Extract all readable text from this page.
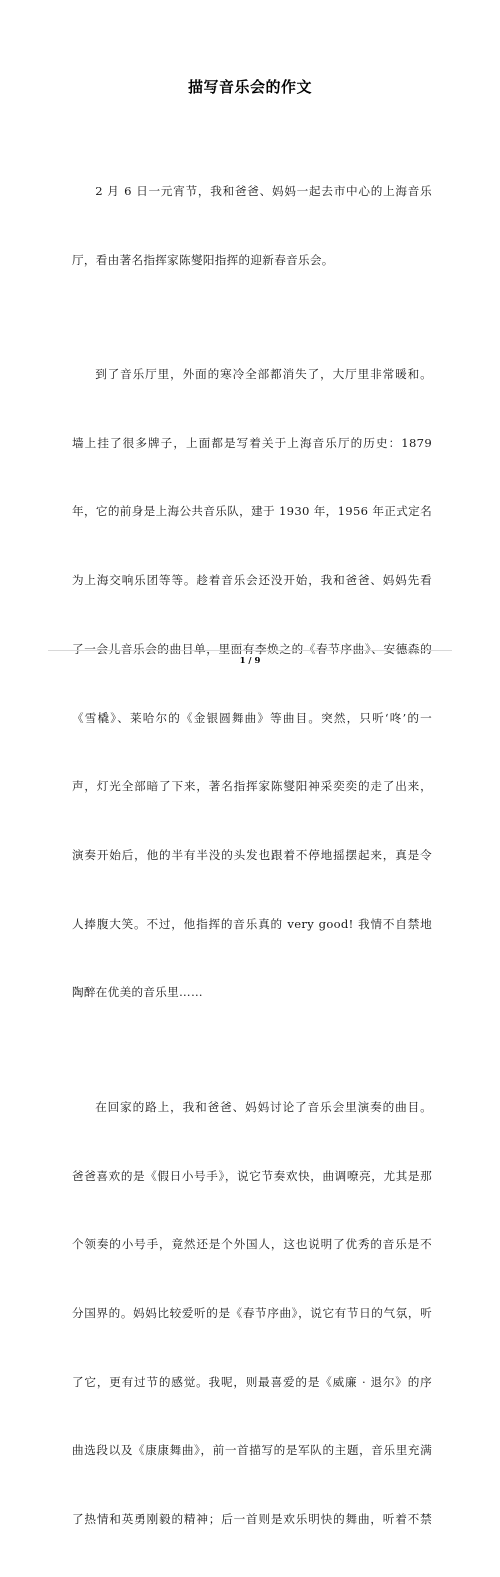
描写音乐会的作文

2 月 6 日一元宵节，我和爸爸、妈妈一起去市中心的上海音乐

厅，看由著名指挥家陈燮阳指挥的迎新春音乐会。

到了音乐厅里，外面的寒冷全部都消失了，大厅里非常暖和。

墙上挂了很多牌子，上面都是写着关于上海音乐厅的历史：1879

年，它的前身是上海公共音乐队，建于 1930 年，1956 年正式定名

为上海交响乐团等等。趁着音乐会还没开始，我和爸爸、妈妈先看

了一会儿音乐会的曲目单，里面有李焕之的《春节序曲》、安德森的

《雪橇》、莱哈尔的《金银圆舞曲》等曲目。突然，只听‘咚’的一

声，灯光全部暗了下来，著名指挥家陈燮阳神采奕奕的走了出来，

演奏开始后，他的半有半没的头发也跟着不停地摇摆起来，真是令

人捧腹大笑。不过，他指挥的音乐真的 very good! 我情不自禁地

陶醉在优美的音乐里……

在回家的路上，我和爸爸、妈妈讨论了音乐会里演奏的曲目。

爸爸喜欢的是《假日小号手》，说它节奏欢快，曲调嘹亮，尤其是那

个领奏的小号手，竟然还是个外国人，这也说明了优秀的音乐是不

分国界的。妈妈比较爱听的是《春节序曲》，说它有节日的气氛，听

了它，更有过节的感觉。我呢，则最喜爱的是《威廉 · 退尔》的序

曲选段以及《康康舞曲》，前一首描写的是军队的主题，音乐里充满

了热情和英勇刚毅的精神；后一首则是欢乐明快的舞曲，听着不禁

1 / 9
